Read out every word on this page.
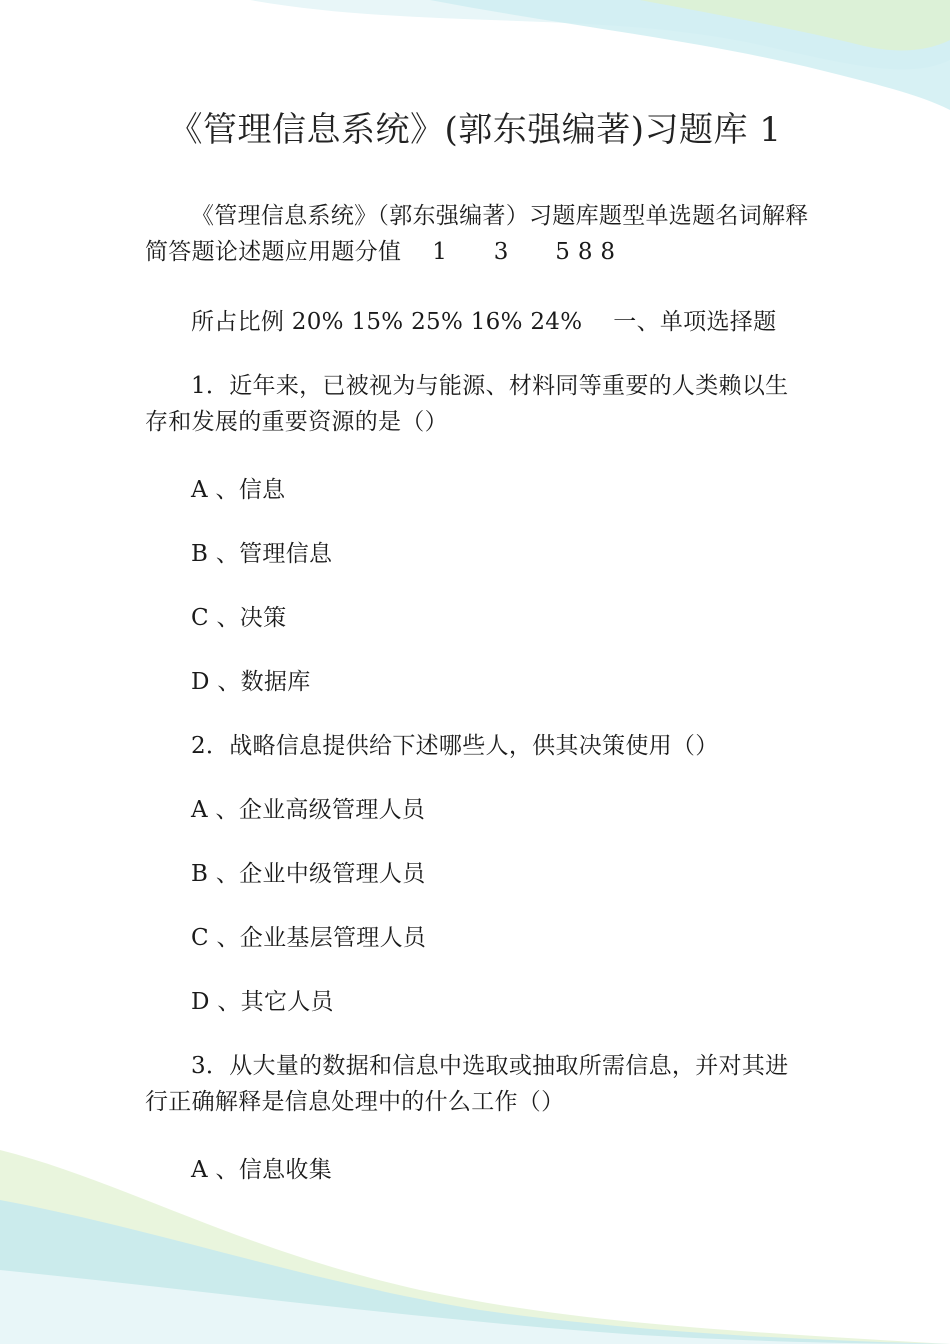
《管理信息系统》(郭东强编著)习题库 1
《管理信息系统》（郭东强编著）习题库题型单选题名词解释简答题论述题应用题分值　 1　　3　　5 8 8
所占比例 20% 15% 25% 16% 24%　 一、单项选择题
1．近年来，已被视为与能源、材料同等重要的人类赖以生存和发展的重要资源的是（）
A 、信息
B 、管理信息
C 、决策
D 、数据库
2．战略信息提供给下述哪些人，供其决策使用（）
A 、企业高级管理人员
B 、企业中级管理人员
C 、企业基层管理人员
D 、其它人员
3．从大量的数据和信息中选取或抽取所需信息，并对其进行正确解释是信息处理中的什么工作（）
A 、信息收集
